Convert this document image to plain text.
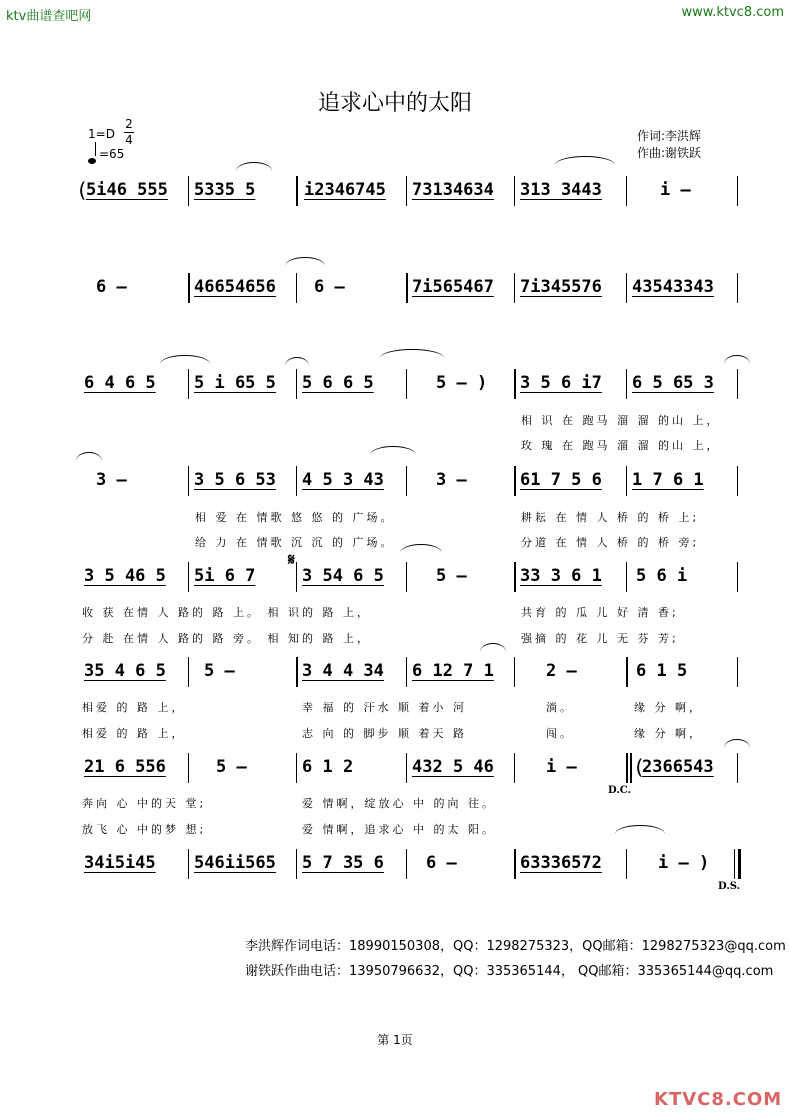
ktv曲谱查吧网	www.ktvc8.com
追求心中的太阳
1=D
2
4
=65
作词:李洪辉
作曲:谢铁跃
(
5i46 555 5335 5	i2346745 73134634 313 3443	i –
6 –	46654656 6 –	7i565467 7i345576 43543343
6 4 6 5 5 i 65 5 5 6 6 5	5 – ) 3 5 6 i7 6 5 65 3
相 识 在 跑马 溜 溜 的山 上，
玫 瑰 在 跑马 溜 溜 的山 上，
3 –	3 5 6 53 4 5 3 43	3 –	61 7 5 6 1 7 6 1
相 爱 在 情歌 悠 悠 的 广场。	耕耘 在 情 人 桥 的 桥 上;
给 力 在 情歌 沉 沉 的 广场。	分道 在 情 人 桥 的 桥 旁;
3 5 46 5 5i 6 7
𝄋
3 54 6 5	5 –	33 3 6 1 5 6 i
收 获 在情 人 路的 路 上。 相 识的 路 上，	共育 的 瓜 儿 好 清 香;
分 赴 在情 人 路的 路 旁。 相 知的 路 上，	强摘 的 花 儿 无 芬 芳;
35 4 6 5 5 –	3 4 4 34 6 12 7 1	2 –	6 1 5
相爱 的 路 上，	幸 福 的 汗水 顺 着小 河	淌。	缘 分 啊，
相爱 的 路 上，	志 向 的 脚步 顺 着天 路	闯。	缘 分 啊，
21 6 556	5 –	6 1 2	432 5 46	i –
D.C.
(
2366543
奔向 心 中的天 堂;	爱 情啊，绽放心 中 的向 往。
放飞 心 中的梦 想;	爱 情啊，追求心 中 的太 阳。
34i5i45 546ii565 5 7 35 6 6 –	63336572	i – )
D.S.
李洪辉作词电话：18990150308，QQ：1298275323，QQ邮箱：1298275323@qq.com
谢铁跃作曲电话：13950796632，QQ：335365144， QQ邮箱：335365144@qq.com
第 1页
KTVC8.COM
